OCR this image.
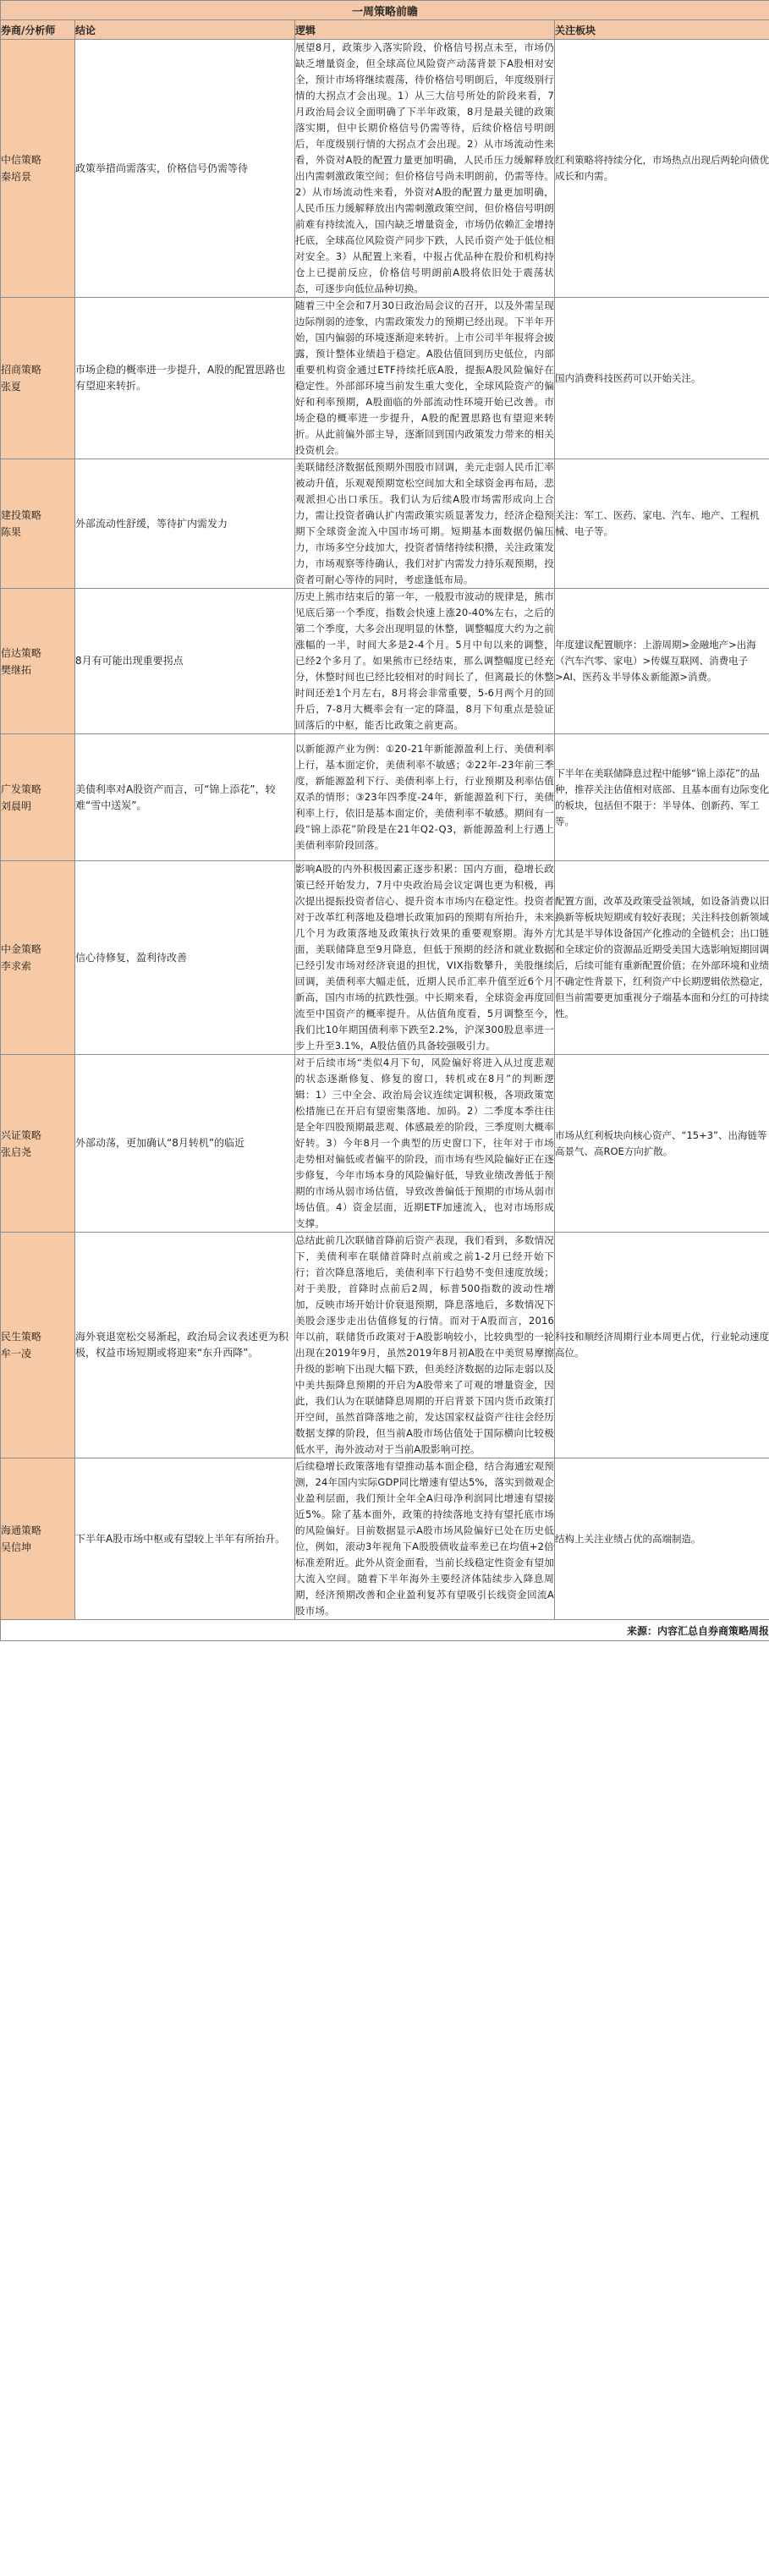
一周策略前瞻			
券商/分析师	结论	逻辑	关注板块
中信策略
秦培景	政策举措尚需落实，价格信号仍需等待	展望8月，政策步入落实阶段，价格信号拐点未至，市场仍缺乏增量资金，但全球高位风险资产动荡背景下A股相对安全，预计市场将继续震荡，待价格信号明朗后，年度级别行情的大拐点才会出现。1）从三大信号所处的阶段来看，7月政治局会议全面明确了下半年政策，8月是最关键的政策落实期，但中长期价格信号仍需等待，后续价格信号明朗后，年度级别行情的大拐点才会出现。2）从市场流动性来看，外资对A股的配置力量更加明确，人民币压力缓解释放出内需刺激政策空间；但价格信号尚未明朗前，仍需等待。2）从市场流动性来看，外资对A股的配置力量更加明确，人民币压力缓解释放出内需刺激政策空间，但价格信号明朗前难有持续流入，国内缺乏增量资金，市场仍依赖汇金增持托底，全球高位风险资产同步下跌，人民币资产处于低位相对安全。3）从配置上来看，中报占优品种在股价和机构持仓上已提前反应，价格信号明朗前A股将依旧处于震荡状态，可逐步向低位品种切换。	红利策略将持续分化，市场热点出现后两轮向债优成长和内需。
招商策略
张夏	市场企稳的概率进一步提升，A股的配置思路也有望迎来转折。	随着三中全会和7月30日政治局会议的召开，以及外需呈现边际削弱的迹象，内需政策发力的预期已经出现。下半年开始，国内偏弱的环境逐渐迎来转折。上市公司半年报将会披露，预计整体业绩趋于稳定。A股估值回到历史低位，内部重要机构资金通过ETF持续托底A股，提振A股风险偏好在稳定性。外部部环境当前发生重大变化，全球风险资产的偏好和利率预期，A股面临的外部流动性环境开始已改善。市场企稳的概率进一步提升，A股的配置思路也有望迎来转折。从此前偏外部主导，逐渐回到国内政策发力带来的相关投资机会。	国内消费科技医药可以开始关注。
建投策略
陈果	外部流动性舒缓，等待扩内需发力	美联储经济数据低预期外围股市回调，美元走弱人民币汇率被动升值，乐观观预期宽松空间加大和全球资金再布局，悲观派担心出口承压。我们认为后续A股市场需形成向上合力，需让投资者确认扩内需政策实质显著发力，经济企稳预期下全球资金流入中国市场可期。短期基本面数据仍偏压力，市场多空分歧加大，投资者情绪持续积攒，关注政策发力，市场观察等待确认，我们对扩内需发力持乐观预期，投资者可耐心等待的同时，考虑逢低布局。	关注：军工、医药、家电、汽车、地产、工程机械、电子等。
信达策略
樊继拓	8月有可能出现重要拐点	历史上熊市结束后的第一年，一般股市波动的规律是，熊市见底后第一个季度，指数会快速上涨20-40%左右，之后的第二个季度，大多会出现明显的休整，调整幅度大约为之前涨幅的一半，时间大多是2-4个月。5月中旬以来的调整，已经2个多月了。如果熊市已经结束，那么调整幅度已经充分，休整时间也已经比较相对的时间长了，但离最长的休整时间还差1个月左右，8月将会非常重要，5-6月两个月的回升后，7-8月大概率会有一定的降温，8月下旬重点是验证回落后的中枢，能否比政策之前更高。	年度建议配置顺序：上游周期>金融地产>出海（汽车汽零、家电）>传媒互联网、消费电子>AI、医药＆半导体＆新能源>消费。
广发策略
刘晨明	美债利率对A股资产而言，可“锦上添花”，较难“雪中送炭”。	以新能源产业为例：①20-21年新能源盈利上行、美债利率上行，基本面定价，美债利率不敏感；②22年-23年前三季度，新能源盈利下行、美债利率上行，行业预期及利率估值双杀的情形；③23年四季度-24年，新能源盈利下行，美债利率上行，依旧是基本面定价，美债利率不敏感。期间有一段“锦上添花”阶段是在21年Q2-Q3，新能源盈利上行遇上美债利率阶段回落。	下半年在美联储降息过程中能够“锦上添花”的品种，推荐关注估值相对底部、且基本面有边际变化的板块，包括但不限于：半导体、创新药、军工等。
中金策略
李求索	信心待修复，盈利待改善	影响A股的内外积极因素正逐步积累：国内方面，稳增长政策已经开始发力，7月中央政治局会议定调也更为积极，再次提出提振投资者信心、提升资本市场内在稳定性。投资者对于改革红利落地及稳增长政策加码的预期有所抬升，未来几个月为政策落地及政策执行效果的重要观察期。海外方面，美联储降息至9月降息，但低于预期的经济和就业数据已经引发市场对经济衰退的担忧，VIX指数攀升，美股继续回调，美债利率大幅走低，近期人民币汇率升值至近6个月新高，国内市场的抗跌性强。中长期来看，全球资金再度回流至中国资产的概率提升。从估值角度看，5月调整至今，我们比10年期国债利率下跌至2.2%，沪深300股息率进一步上升至3.1%，A股估值仍具备较强吸引力。	配置方面，改革及政策受益领域，如设备消费以旧换新等板块短期或有较好表现；关注科技创新领域尤其是半导体设备国产化推动的全链机会；出口链和全球定价的资源品近期受美国大选影响短期回调后，后续可能有重新配置价值；在外部环境和业绩不确定性背景下，红利资产中长期逻辑依然稳定，但当前需要更加重视分子端基本面和分红的可持续性。
兴证策略
张启尧	外部动荡，更加确认“8月转机”的临近	对于后续市场“类似4月下旬，风险偏好将进入从过度悲观的状态逐渐修复、修复的窗口，转机或在8月”的判断逻辑：1）三中全会、政治局会议连续定调积极，各项政策宽松措施已在开启有望密集落地、加码。2）二季度本季往往是全年四股预期最悲观、体感最差的阶段，三季度则大概率好转。3）今年8月一个典型的历史窗口下，往年对于市场走势相对偏低或者偏平的阶段，而市场有些风险偏好正在逐步修复，今年市场本身的风险偏好低，导致业绩改善低于预期的市场从弱市场估值，导致改善偏低于预期的市场从弱市场估值。4）资金层面，近期ETF加速流入，也对市场形成支撑。	市场从红利板块向核心资产、“15+3”、出海链等高景气、高ROE方向扩散。
民生策略
牟一凌	海外衰退宽松交易渐起，政治局会议表述更为积极，权益市场短期或将迎来“东升西降”。	总结此前几次联储首降前后资产表现，我们看到，多数情况下，美债利率在联储首降时点前或之前1-2月已经开始下行；首次降息落地后，美债利率下行趋势不变但速度放缓；对于美股，首降时点前后2周，标普500指数的波动性增加，反映市场开始计价衰退预期，降息落地后，多数情况下美股会逐步走出估值修复的行情。而对于A股而言，2016年以前，联储货币政策对于A股影响较小，比较典型的一轮出现在2019年9月，虽然2019年8月初A股在中美贸易摩擦升级的影响下出现大幅下跌，但美经济数据的边际走弱以及中美共振降息预期的开启为A股带来了可观的增量资金，因此，我们认为在联储降息周期的开启背景下国内货币政策打开空间，虽然首降落地之前，发达国家权益资产往往会经历数据支撑的阶段，但当前A股市场估值处于国际横向比较极低水平，海外波动对于当前A股影响可控。	科技和顺经济周期行业本周更占优，行业轮动速度高位。
海通策略
吴信坤	下半年A股市场中枢或有望较上半年有所抬升。	后续稳增长政策落地有望推动基本面企稳，结合海通宏观预测，24年国内实际GDP同比增速有望达5%，落实到微观企业盈利层面，我们预计全年全A归母净利润同比增速有望接近5%。除了基本面外，政策的持续落地支持有望托底市场的风险偏好。目前数据显示A股市场风险偏好已处在历史低位，例如，滚动3年视角下A股股债收益率差已在均值+2倍标准差附近。此外从资金面看，当前长线稳定性资金有望加大流入空间。随着下半年海外主要经济体陆续步入降息周期，经济预期改善和企业盈利复苏有望吸引长线资金回流A股市场。	结构上关注业绩占优的高端制造。
来源：内容汇总自券商策略周报			
